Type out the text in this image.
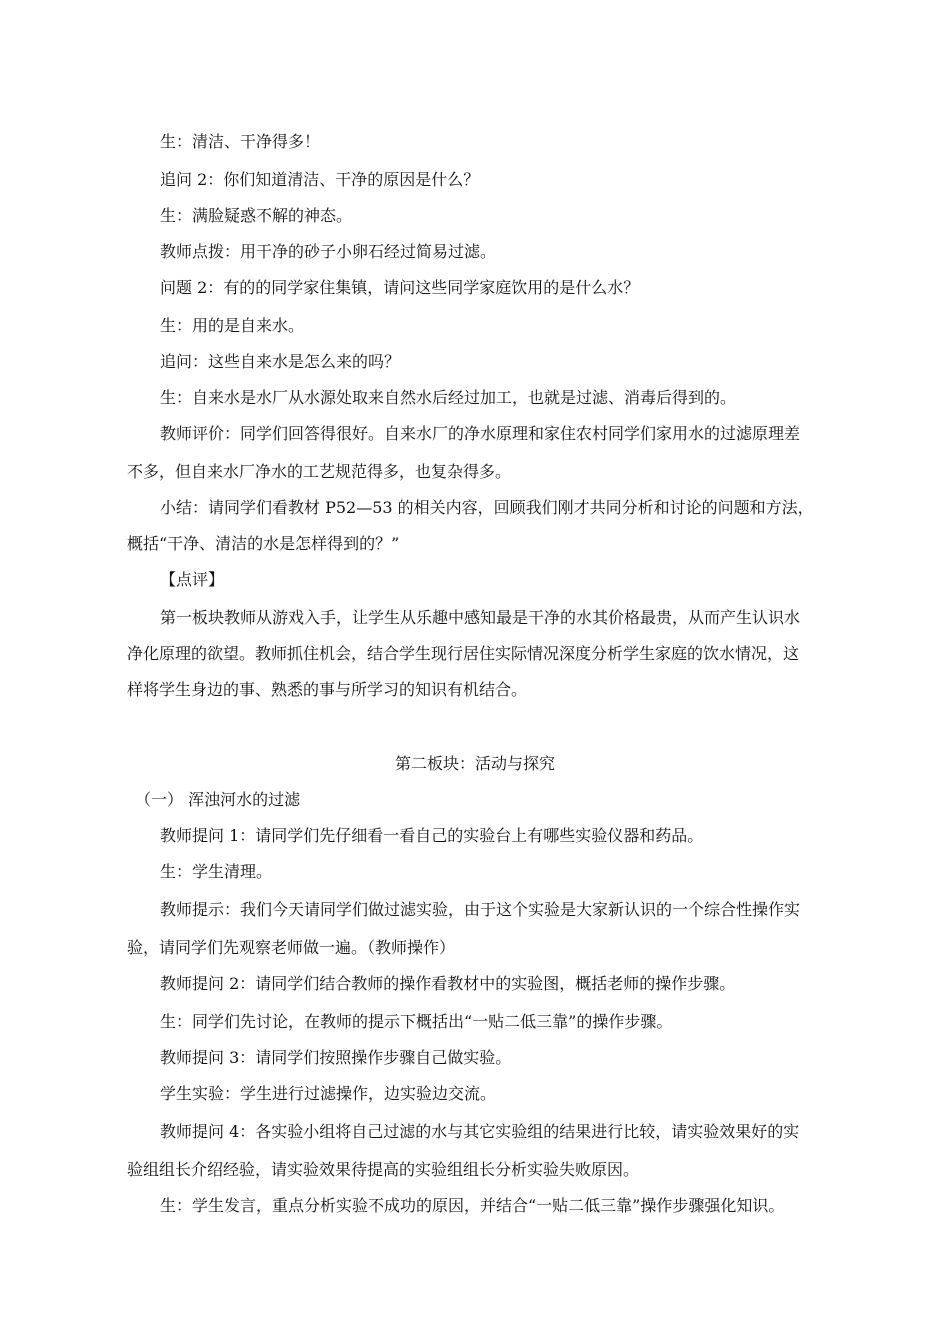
生：清洁、干净得多！
追问 2：你们知道清洁、干净的原因是什么？
生：满脸疑惑不解的神态。
教师点拨：用干净的砂子小卵石经过简易过滤。
问题 2：有的的同学家住集镇，请问这些同学家庭饮用的是什么水？
生：用的是自来水。
追问：这些自来水是怎么来的吗？
生：自来水是水厂从水源处取来自然水后经过加工，也就是过滤、消毒后得到的。
教师评价：同学们回答得很好。自来水厂的净水原理和家住农村同学们家用水的过滤原理差
不多，但自来水厂净水的工艺规范得多，也复杂得多。
小结：请同学们看教材 P52—53 的相关内容，回顾我们刚才共同分析和讨论的问题和方法，
概括“干净、清洁的水是怎样得到的？”
【点评】
第一板块教师从游戏入手，让学生从乐趣中感知最是干净的水其价格最贵，从而产生认识水
净化原理的欲望。教师抓住机会，结合学生现行居住实际情况深度分析学生家庭的饮水情况，这
样将学生身边的事、熟悉的事与所学习的知识有机结合。
第二板块：活动与探究
（一） 浑浊河水的过滤
教师提问 1：请同学们先仔细看一看自己的实验台上有哪些实验仪器和药品。
生：学生清理。
教师提示：我们今天请同学们做过滤实验，由于这个实验是大家新认识的一个综合性操作实
验，请同学们先观察老师做一遍。（教师操作）
教师提问 2：请同学们结合教师的操作看教材中的实验图，概括老师的操作步骤。
生：同学们先讨论，在教师的提示下概括出“一贴二低三靠”的操作步骤。
教师提问 3：请同学们按照操作步骤自己做实验。
学生实验：学生进行过滤操作，边实验边交流。
教师提问 4：各实验小组将自己过滤的水与其它实验组的结果进行比较，请实验效果好的实
验组组长介绍经验，请实验效果待提高的实验组组长分析实验失败原因。
生：学生发言，重点分析实验不成功的原因，并结合“一贴二低三靠”操作步骤强化知识。
